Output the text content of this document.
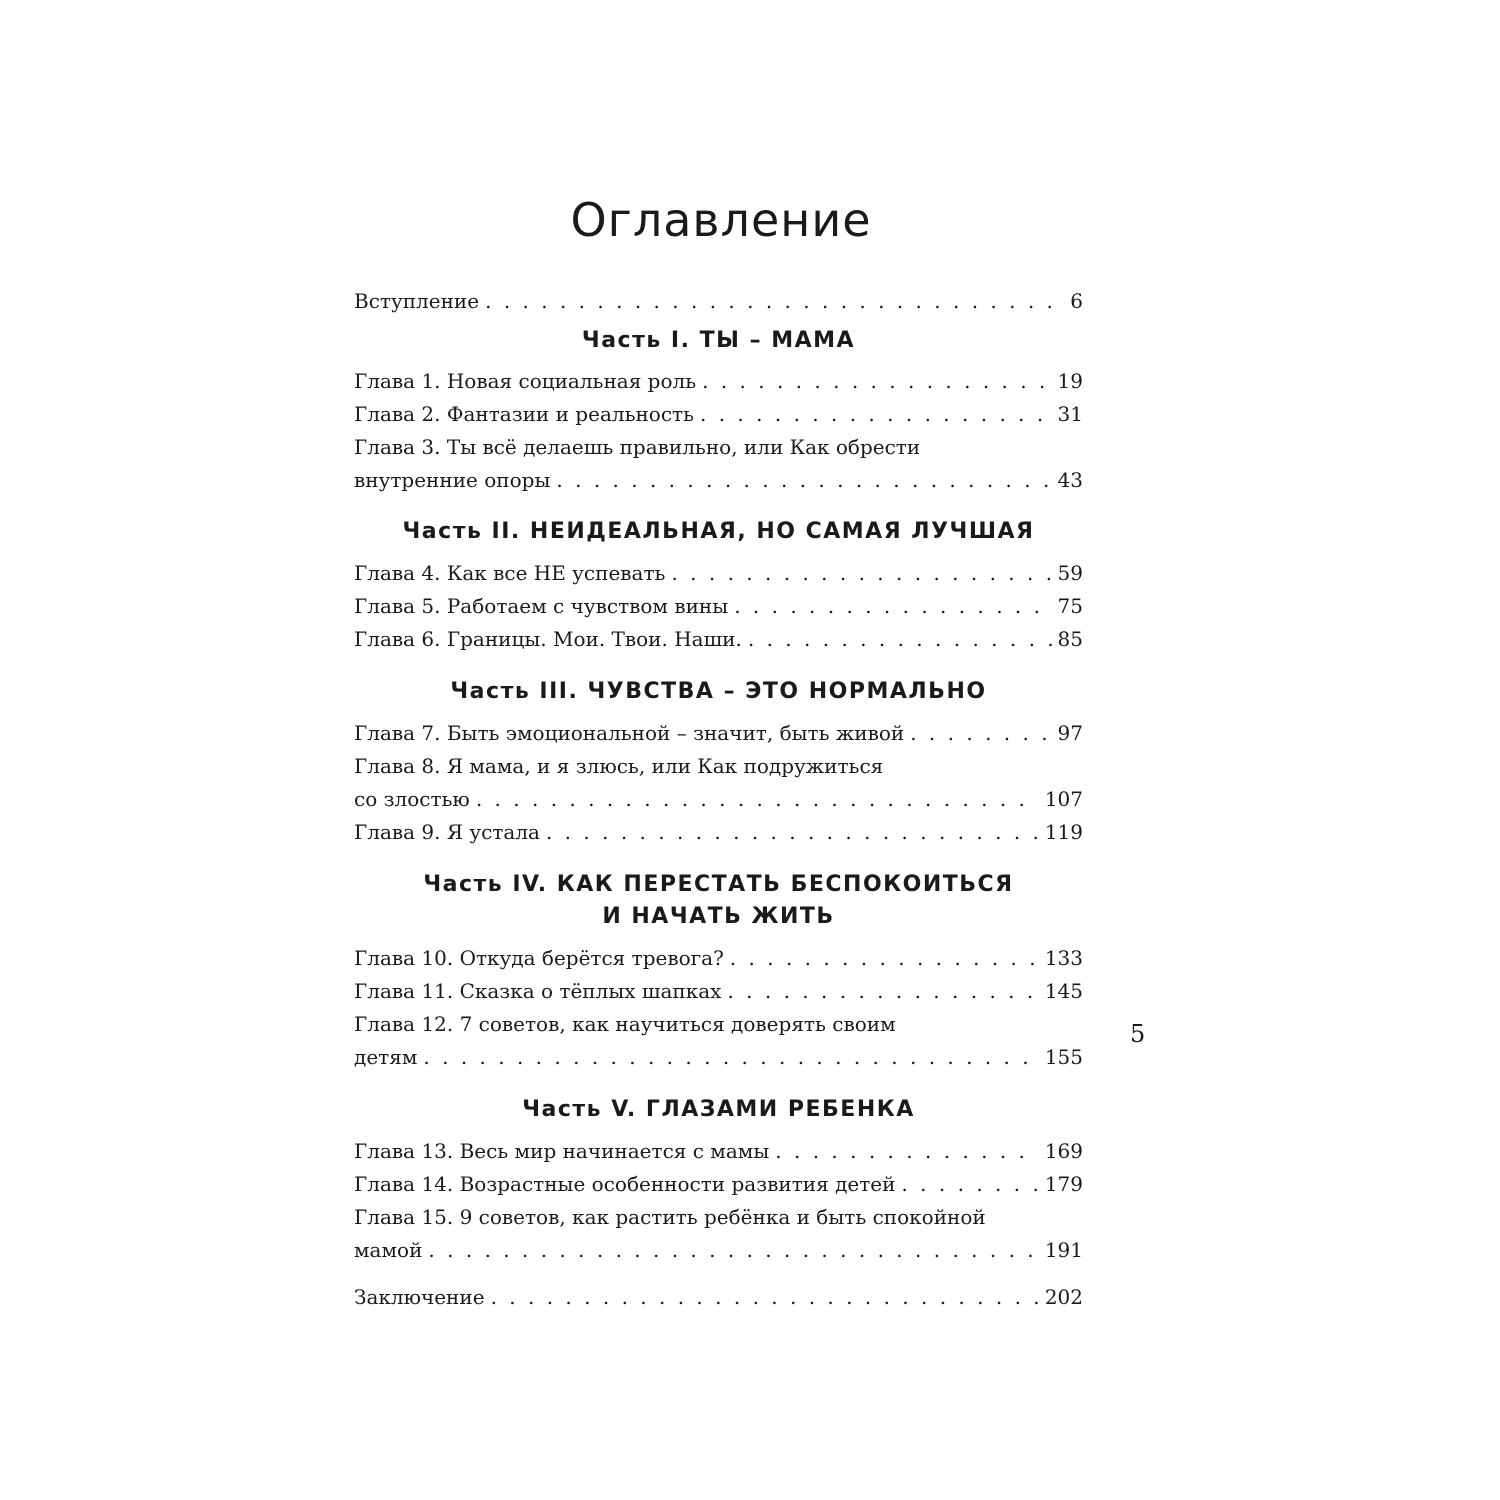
Оглавление
Вступление . . .	6
Часть I. ТЫ – МАМА
Глава 1. Новая социальная роль . . .	19
Глава 2. Фантазии и реальность . . .	31
Глава 3. Ты всё делаешь правильно, или Как обрести
внутренние опоры . . .	43
Часть II. НЕИДЕАЛЬНАЯ, НО САМАЯ ЛУЧШАЯ
Глава 4. Как все НЕ успевать . . .	59
Глава 5. Работаем с чувством вины . . .	75
Глава 6. Границы. Мои. Твои. Наши. . . .	85
Часть III. ЧУВСТВА – ЭТО НОРМАЛЬНО
Глава 7. Быть эмоциональной – значит, быть живой . . .	97
Глава 8. Я мама, и я злюсь, или Как подружиться
со злостью . . .	107
Глава 9. Я устала . . .	119
Часть IV. КАК ПЕРЕСТАТЬ БЕСПОКОИТЬСЯ
И НАЧАТЬ ЖИТЬ
Глава 10. Откуда берётся тревога? . . .	133
Глава 11. Сказка о тёплых шапках . . .	145
Глава 12. 7 советов, как научиться доверять своим
детям . . .	155
Часть V. ГЛАЗАМИ РЕБЕНКА
Глава 13. Весь мир начинается с мамы . . .	169
Глава 14. Возрастные особенности развития детей . . .	179
Глава 15. 9 советов, как растить ребёнка и быть спокойной
мамой . . .	191
Заключение . . .	202
5
